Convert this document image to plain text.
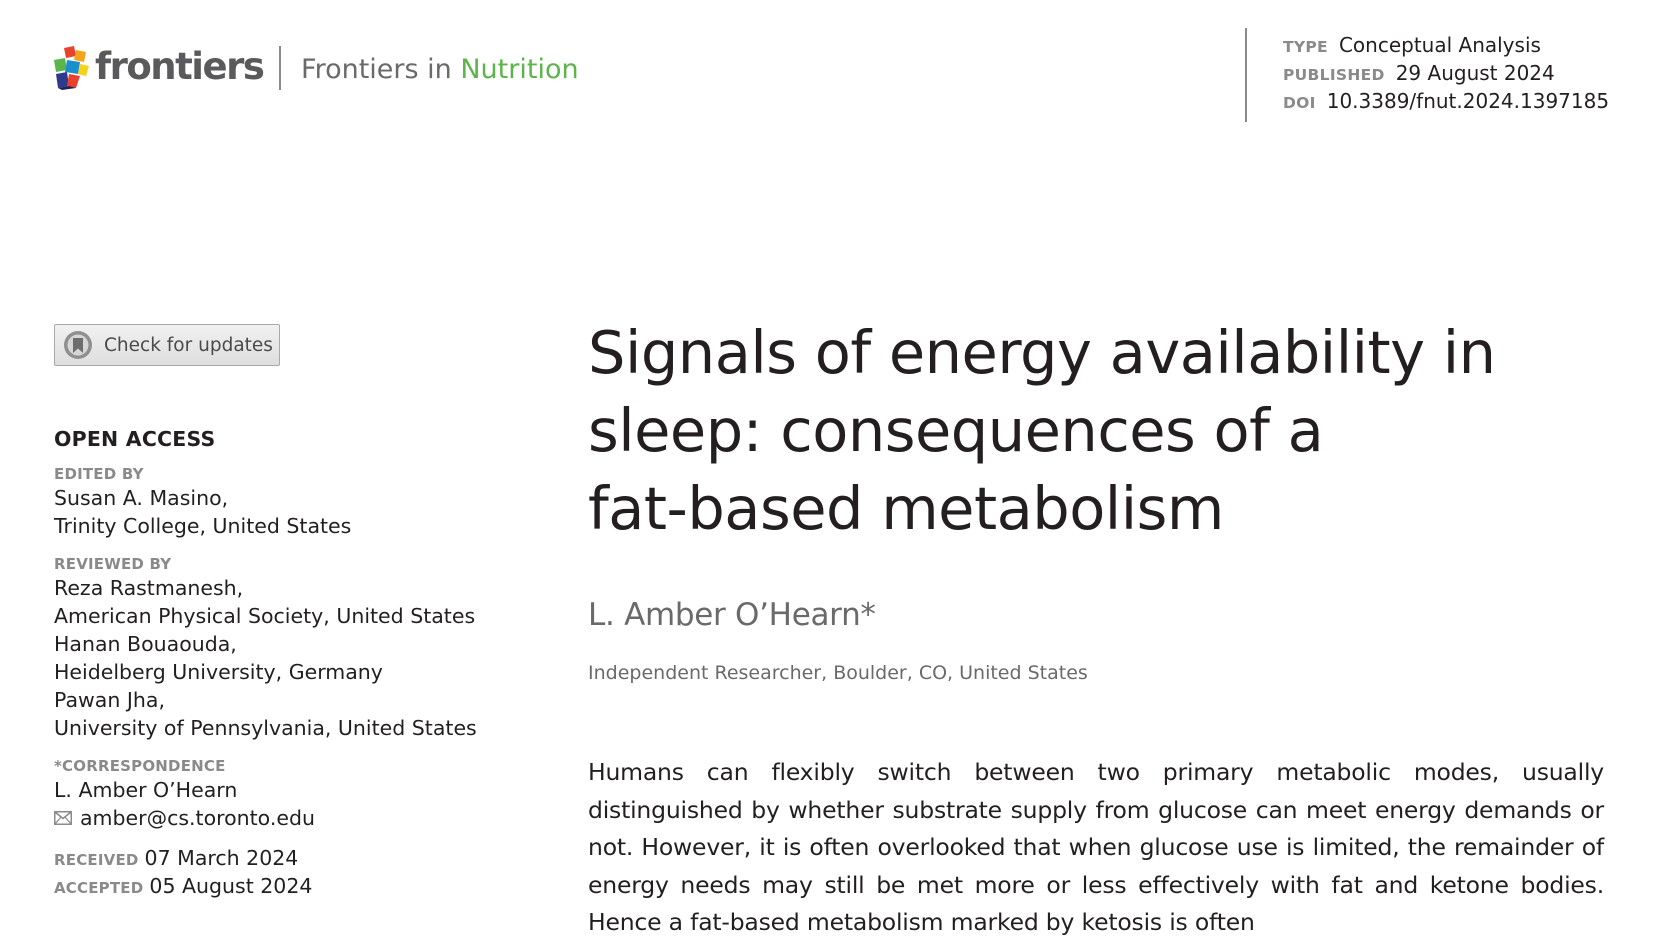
frontiers Frontiers in Nutrition
TYPE Conceptual Analysis
PUBLISHED 29 August 2024
DOI 10.3389/fnut.2024.1397185
Check for updates
OPEN ACCESS
EDITED BY
Susan A. Masino,
Trinity College, United States
REVIEWED BY
Reza Rastmanesh,
American Physical Society, United States
Hanan Bouaouda,
Heidelberg University, Germany
Pawan Jha,
University of Pennsylvania, United States
*CORRESPONDENCE
L. Amber O’Hearn
amber@cs.toronto.edu
RECEIVED 07 March 2024
ACCEPTED 05 August 2024
Signals of energy availability in
sleep: consequences of a
fat-based metabolism
L. Amber O’Hearn*
Independent Researcher, Boulder, CO, United States

Humans can flexibly switch between two primary metabolic modes, usually distinguished by whether substrate supply from glucose can meet energy demands or not. However, it is often overlooked that when glucose use is limited, the remainder of energy needs may still be met more or less effectively with fat and ketone bodies. Hence a fat-based metabolism marked by ketosis is often
